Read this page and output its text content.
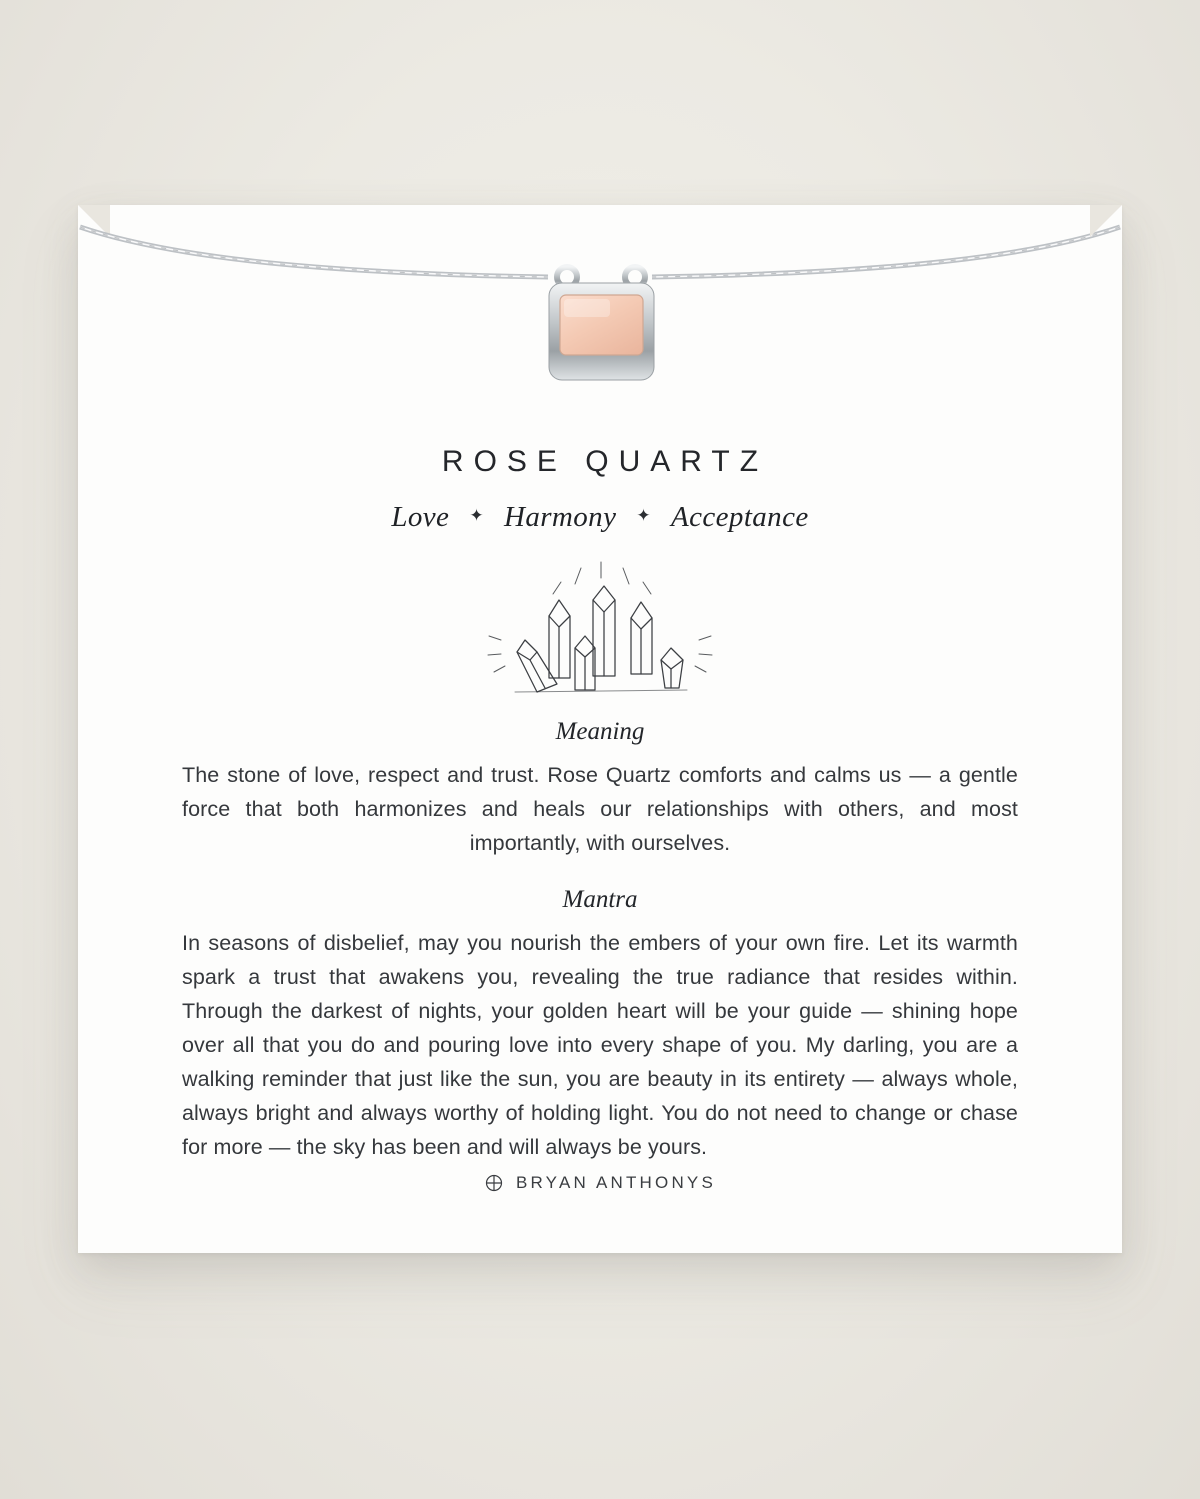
ROSE QUARTZ
Love ✦ Harmony ✦ Acceptance
Meaning

The stone of love, respect and trust. Rose Quartz comforts and calms us — a gentle force that both harmonizes and heals our relationships with others, and most importantly, with ourselves.

Mantra

In seasons of disbelief, may you nourish the embers of your own fire. Let its warmth spark a trust that awakens you, revealing the true radiance that resides within. Through the darkest of nights, your golden heart will be your guide — shining hope over all that you do and pouring love into every shape of you. My darling, you are a walking reminder that just like the sun, you are beauty in its entirety — always whole, always bright and always worthy of holding light. You do not need to change or chase for more — the sky has been and will always be yours.

BRYAN ANTHONYS
